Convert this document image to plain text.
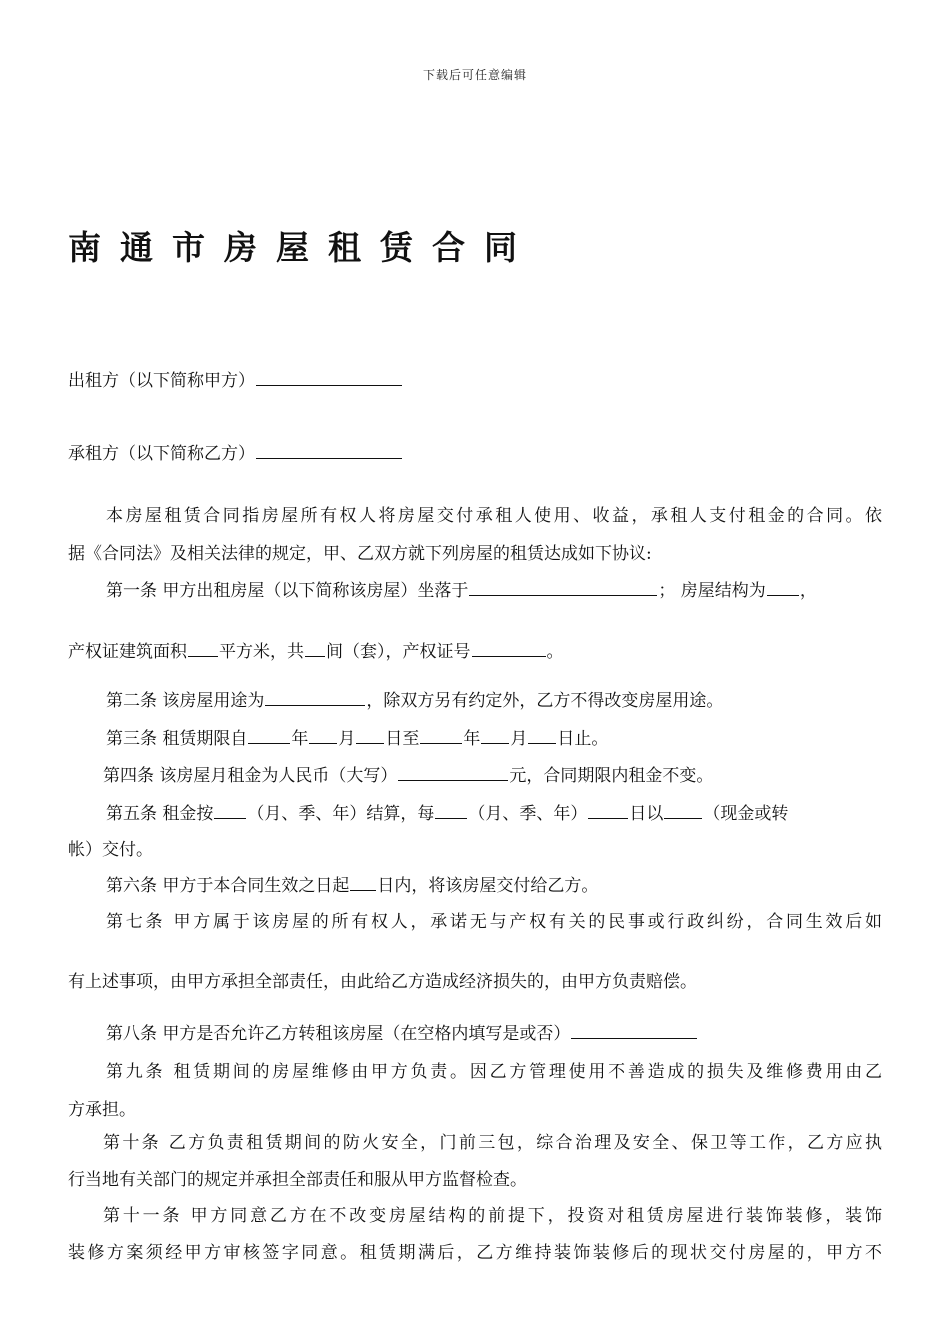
下载后可任意编辑
南通市房屋租赁合同

出租方（以下简称甲方）

承租方（以下简称乙方）

本房屋租赁合同指房屋所有权人将房屋交付承租人使用、收益，承租人支付租金的合同。依

据《合同法》及相关法律的规定，甲、乙双方就下列房屋的租赁达成如下协议:

第一条 甲方出租房屋（以下简称该房屋）坐落于	； 房屋结构为 ，

产权证建筑面积 平方米，共 间（套），产权证号	。

第二条 该房屋用途为	，除双方另有约定外，乙方不得改变房屋用途。

第三条 租赁期限自	年 月 日至	年 月 日止。

第四条 该房屋月租金为人民币（大写）	元，合同期限内租金不变。

第五条 租金按 （月、季、年）结算，每 （月、季、年） 日以 （现金或转

帐）交付。

第六条 甲方于本合同生效之日起 日内，将该房屋交付给乙方。

第七条 甲方属于该房屋的所有权人，承诺无与产权有关的民事或行政纠纷，合同生效后如

有上述事项，由甲方承担全部责任，由此给乙方造成经济损失的，由甲方负责赔偿。

第八条 甲方是否允许乙方转租该房屋（在空格内填写是或否）

第九条 租赁期间的房屋维修由甲方负责。因乙方管理使用不善造成的损失及维修费用由乙

方承担。

第十条 乙方负责租赁期间的防火安全，门前三包，综合治理及安全、保卫等工作，乙方应执

行当地有关部门的规定并承担全部责任和服从甲方监督检查。

第十一条 甲方同意乙方在不改变房屋结构的前提下，投资对租赁房屋进行装饰装修，装饰

装修方案须经甲方审核签字同意。租赁期满后，乙方维持装饰装修后的现状交付房屋的，甲方不
